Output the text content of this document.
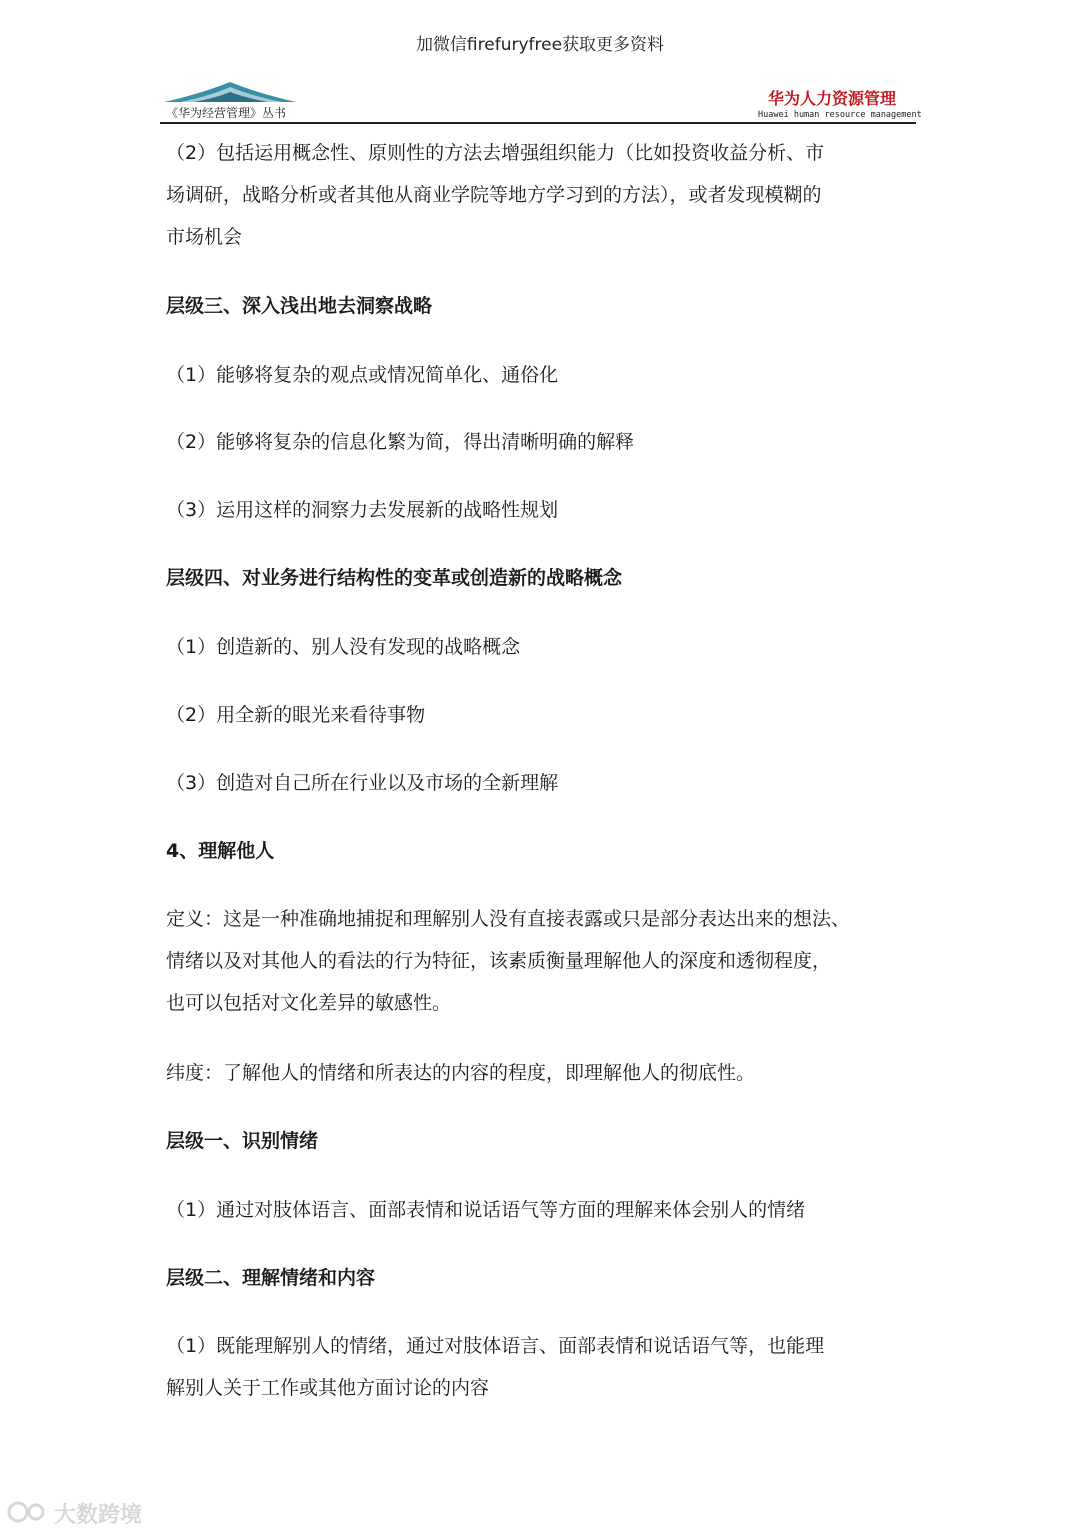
加微信firefuryfree获取更多资料
《华为经营管理》丛书
华为人力资源管理
Huawei human resource management
（2）包括运用概念性、原则性的方法去增强组织能力（比如投资收益分析、市
场调研，战略分析或者其他从商业学院等地方学习到的方法），或者发现模糊的
市场机会
层级三、深入浅出地去洞察战略
（1）能够将复杂的观点或情况简单化、通俗化
（2）能够将复杂的信息化繁为简，得出清晰明确的解释
（3）运用这样的洞察力去发展新的战略性规划
层级四、对业务进行结构性的变革或创造新的战略概念
（1）创造新的、别人没有发现的战略概念
（2）用全新的眼光来看待事物
（3）创造对自己所在行业以及市场的全新理解
4、理解他人
定义：这是一种准确地捕捉和理解别人没有直接表露或只是部分表达出来的想法、
情绪以及对其他人的看法的行为特征，该素质衡量理解他人的深度和透彻程度，
也可以包括对文化差异的敏感性。
纬度：了解他人的情绪和所表达的内容的程度，即理解他人的彻底性。
层级一、识别情绪
（1）通过对肢体语言、面部表情和说话语气等方面的理解来体会别人的情绪
层级二、理解情绪和内容
（1）既能理解别人的情绪，通过对肢体语言、面部表情和说话语气等，也能理
解别人关于工作或其他方面讨论的内容
大数跨境
